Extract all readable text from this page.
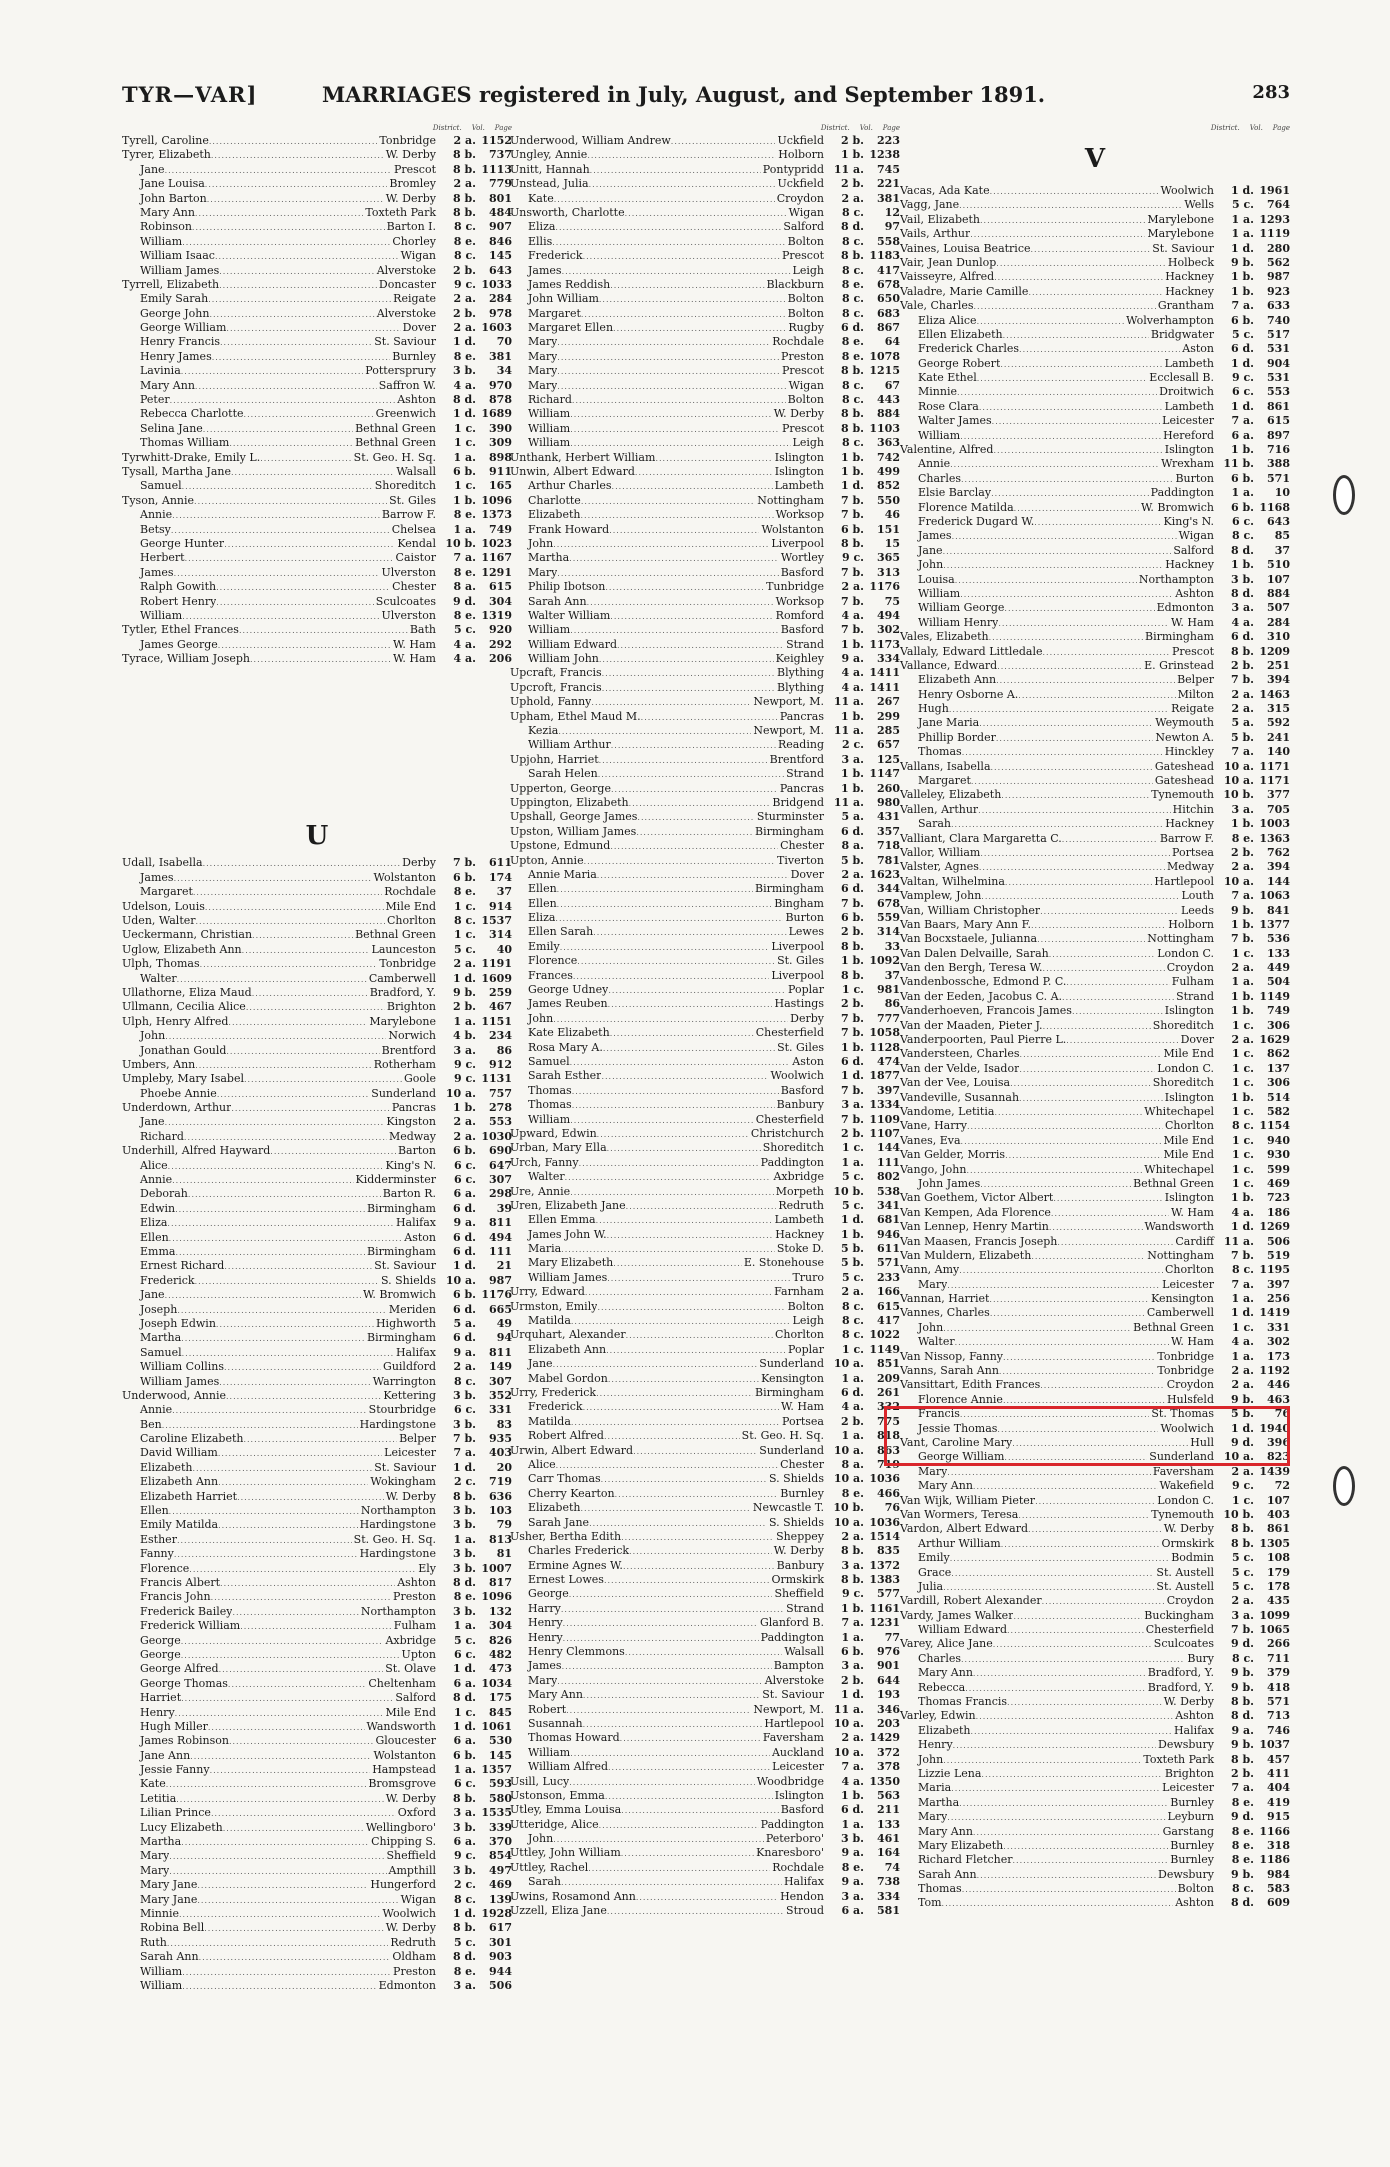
TYR—VAR]	MARRIAGES registered in July, August, and September 1891.	283
District. Vol. Page
Tyrell, Caroline .....	Tonbridge	2 a. 1152
Tyrer, Elizabeth .....	W. Derby	8 b.	737
Jane .....	Prescot	8 b. 1113
Jane Louisa .....	Bromley	2 a.	779
John Barton .....	W. Derby	8 b.	801
Mary Ann .....	Toxteth Park	8 b.	484
Robinson .....	Barton I.	8 c.	907
William .....	Chorley	8 e.	846
William Isaac .....	Wigan	8 c.	145
William James .....	Alverstoke	2 b.	643
Tyrrell, Elizabeth .....	Doncaster	9 c. 1033
Emily Sarah .....	Reigate	2 a.	284
George John .....	Alverstoke	2 b.	978
George William .....	Dover	2 a. 1603
Henry Francis .....	St. Saviour	1 d.	70
Henry James .....	Burnley	8 e.	381
Lavinia .....	Pottersprury	3 b.	34
Mary Ann .....	Saffron W.	4 a.	970
Peter .....	Ashton	8 d.	878
Rebecca Charlotte .....	Greenwich	1 d. 1689
Selina Jane .....	Bethnal Green	1 c.	390
Thomas William .....	Bethnal Green	1 c.	309
Tyrwhitt-Drake, Emily L. .....	St. Geo. H. Sq.	1 a.	898
Tysall, Martha Jane .....	Walsall	6 b.	911
Samuel .....	Shoreditch	1 c.	165
Tyson, Annie .....	St. Giles	1 b. 1096
Annie .....	Barrow F.	8 e. 1373
Betsy .....	Chelsea	1 a.	749
George Hunter .....	Kendal 10 b. 1023
Herbert .....	Caistor	7 a. 1167
James .....	Ulverston	8 e. 1291
Ralph Gowith .....	Chester	8 a.	615
Robert Henry .....	Sculcoates	9 d.	304
William .....	Ulverston	8 e. 1319
Tytler, Ethel Frances .....	Bath	5 c.	920
James George .....	W. Ham	4 a.	292
Tyrace, William Joseph .....	W. Ham	4 a.	206
U
Udall, Isabella .....	Derby	7 b.	611
James .....	Wolstanton	6 b.	174
Margaret .....	Rochdale	8 e.	37
Udelson, Louis .....	Mile End	1 c.	914
Uden, Walter .....	Chorlton	8 c. 1537
Ueckermann, Christian .....	Bethnal Green	1 c.	314
Uglow, Elizabeth Ann .....	Launceston	5 c.	40
Ulph, Thomas .....	Tonbridge	2 a. 1191
Walter .....	Camberwell	1 d. 1609
Ullathorne, Eliza Maud .....	Bradford, Y.	9 b.	259
Ullmann, Cecilia Alice .....	Brighton	2 b.	467
Ulph, Henry Alfred .....	Marylebone	1 a. 1151
John .....	Norwich	4 b.	234
Jonathan Gould .....	Brentford	3 a.	86
Umbers, Ann .....	Rotherham	9 c.	912
Umpleby, Mary Isabel .....	Goole	9 c. 1131
Phoebe Annie .....	Sunderland 10 a.	757
Underdown, Arthur .....	Pancras	1 b.	278
Jane .....	Kingston	2 a.	553
Richard .....	Medway	2 a. 1030
Underhill, Alfred Hayward .....	Barton	6 b.	690
Alice .....	King's N.	6 c.	647
Annie .....	Kidderminster	6 c.	307
Deborah .....	Barton R.	6 a.	298
Edwin .....	Birmingham	6 d.	39
Eliza .....	Halifax	9 a.	811
Ellen .....	Aston	6 d.	494
Emma .....	Birmingham	6 d.	111
Ernest Richard .....	St. Saviour	1 d.	21
Frederick .....	S. Shields 10 a.	987
Jane .....	W. Bromwich	6 b. 1176
Joseph .....	Meriden	6 d.	665
Joseph Edwin .....	Highworth	5 a.	49
Martha .....	Birmingham	6 d.	94
Samuel .....	Halifax	9 a.	811
William Collins .....	Guildford	2 a.	149
William James .....	Warrington	8 c.	307
Underwood, Annie .....	Kettering	3 b.	352
Annie .....	Stourbridge	6 c.	331
Ben .....	Hardingstone	3 b.	83
Caroline Elizabeth .....	Belper	7 b.	935
David William .....	Leicester	7 a.	403
Elizabeth .....	St. Saviour	1 d.	20
Elizabeth Ann .....	Wokingham	2 c.	719
Elizabeth Harriet .....	W. Derby	8 b.	636
Ellen .....	Northampton	3 b.	103
Emily Matilda .....	Hardingstone	3 b.	79
Esther .....	St. Geo. H. Sq.	1 a.	813
Fanny .....	Hardingstone	3 b.	81
Florence .....	Ely	3 b. 1007
Francis Albert .....	Ashton	8 d.	817
Francis John .....	Preston	8 e. 1096
Frederick Bailey .....	Northampton	3 b.	132
Frederick William .....	Fulham	1 a.	304
George .....	Axbridge	5 c.	826
George .....	Upton	6 c.	482
George Alfred .....	St. Olave	1 d.	473
George Thomas .....	Cheltenham	6 a. 1034
Harriet .....	Salford	8 d.	175
Henry .....	Mile End	1 c.	845
Hugh Miller .....	Wandsworth	1 d. 1061
James Robinson .....	Gloucester	6 a.	530
Jane Ann .....	Wolstanton	6 b.	145
Jessie Fanny .....	Hampstead	1 a. 1357
Kate .....	Bromsgrove	6 c.	593
Letitia .....	W. Derby	8 b.	580
Lilian Prince .....	Oxford	3 a. 1535
Lucy Elizabeth .....	Wellingboro'	3 b.	339
Martha .....	Chipping S.	6 a.	370
Mary .....	Sheffield	9 c.	854
Mary .....	Ampthill	3 b.	497
Mary Jane .....	Hungerford	2 c.	469
Mary Jane .....	Wigan	8 c.	139
Minnie .....	Woolwich	1 d. 1928
Robina Bell .....	W. Derby	8 b.	617
Ruth .....	Redruth	5 c.	301
Sarah Ann .....	Oldham	8 d.	903
William .....	Preston	8 e.	944
William .....	Edmonton	3 a.	506
District. Vol. Page
Underwood, William Andrew .....	Uckfield	2 b.	223
Ungley, Annie .....	Holborn	1 b. 1238
Unitt, Hannah .....	Pontypridd 11 a.	745
Unstead, Julia .....	Uckfield	2 b.	221
Kate .....	Croydon	2 a.	381
Unsworth, Charlotte .....	Wigan	8 c.	12
Eliza .....	Salford	8 d.	97
Ellis .....	Bolton	8 c.	558
Frederick .....	Prescot	8 b. 1183
James .....	Leigh	8 c.	417
James Reddish .....	Blackburn	8 e.	678
John William .....	Bolton	8 c.	650
Margaret .....	Bolton	8 c.	683
Margaret Ellen .....	Rugby	6 d.	867
Mary .....	Rochdale	8 e.	64
Mary .....	Preston	8 e. 1078
Mary .....	Prescot	8 b. 1215
Mary .....	Wigan	8 c.	67
Richard .....	Bolton	8 c.	443
William .....	W. Derby	8 b.	884
William .....	Prescot	8 b. 1103
William .....	Leigh	8 c.	363
Unthank, Herbert William .....	Islington	1 b.	742
Unwin, Albert Edward .....	Islington	1 b.	499
Arthur Charles .....	Lambeth	1 d.	852
Charlotte .....	Nottingham	7 b.	550
Elizabeth .....	Worksop	7 b.	46
Frank Howard .....	Wolstanton	6 b.	151
John .....	Liverpool	8 b.	15
Martha .....	Wortley	9 c.	365
Mary .....	Basford	7 b.	313
Philip Ibotson .....	Tunbridge	2 a. 1176
Sarah Ann .....	Worksop	7 b.	75
Walter William .....	Romford	4 a.	494
William .....	Basford	7 b.	302
William Edward .....	Strand	1 b. 1173
William John .....	Keighley	9 a.	334
Upcraft, Francis .....	Blything	4 a. 1411
Upcroft, Francis .....	Blything	4 a. 1411
Uphold, Fanny .....	Newport, M. 11 a.	267
Upham, Ethel Maud M. .....	Pancras	1 b.	299
Kezia .....	Newport, M. 11 a.	285
William Arthur .....	Reading	2 c.	657
Upjohn, Harriet .....	Brentford	3 a.	125
Sarah Helen .....	Strand	1 b. 1147
Upperton, George .....	Pancras	1 b.	260
Uppington, Elizabeth .....	Bridgend 11 a.	980
Upshall, George James .....	Sturminster	5 a.	431
Upston, William James .....	Birmingham	6 d.	357
Upstone, Edmund .....	Chester	8 a.	718
Upton, Annie .....	Tiverton	5 b.	781
Annie Maria .....	Dover	2 a. 1623
Ellen .....	Birmingham	6 d.	344
Ellen .....	Bingham	7 b.	678
Eliza .....	Burton	6 b.	559
Ellen Sarah .....	Lewes	2 b.	314
Emily .....	Liverpool	8 b.	33
Florence .....	St. Giles	1 b. 1092
Frances .....	Liverpool	8 b.	37
George Udney .....	Poplar	1 c.	981
James Reuben .....	Hastings	2 b.	86
John .....	Derby	7 b.	777
Kate Elizabeth .....	Chesterfield	7 b. 1058
Rosa Mary A. .....	St. Giles	1 b. 1128
Samuel .....	Aston	6 d.	474
Sarah Esther .....	Woolwich	1 d. 1877
Thomas .....	Basford	7 b.	397
Thomas .....	Banbury	3 a. 1334
William .....	Chesterfield	7 b. 1109
Upward, Edwin .....	Christchurch	2 b. 1107
Urban, Mary Ella .....	Shoreditch	1 c.	144
Urch, Fanny .....	Paddington	1 a.	111
Walter .....	Axbridge	5 c.	802
Ure, Annie .....	Morpeth 10 b.	538
Uren, Elizabeth Jane .....	Redruth	5 c.	341
Ellen Emma .....	Lambeth	1 d.	681
James John W. .....	Hackney	1 b.	946
Maria .....	Stoke D.	5 b.	611
Mary Elizabeth .....	E. Stonehouse	5 b.	571
William James .....	Truro	5 c.	233
Urry, Edward .....	Farnham	2 a.	166
Urmston, Emily .....	Bolton	8 c.	615
Matilda .....	Leigh	8 c.	417
Urquhart, Alexander .....	Chorlton	8 c. 1022
Elizabeth Ann .....	Poplar	1 c. 1149
Jane .....	Sunderland 10 a.	851
Mabel Gordon .....	Kensington	1 a.	209
Urry, Frederick .....	Birmingham	6 d.	261
Frederick .....	W. Ham	4 a.	332
Matilda .....	Portsea	2 b.	775
Robert Alfred .....	St. Geo. H. Sq.	1 a.	818
Urwin, Albert Edward .....	Sunderland 10 a.	863
Alice .....	Chester	8 a.	719
Carr Thomas .....	S. Shields 10 a. 1036
Cherry Kearton .....	Burnley	8 e.	466
Elizabeth .....	Newcastle T. 10 b.	76
Sarah Jane .....	S. Shields 10 a. 1036
Usher, Bertha Edith .....	Sheppey	2 a. 1514
Charles Frederick .....	W. Derby	8 b.	835
Ermine Agnes W. .....	Banbury	3 a. 1372
Ernest Lowes .....	Ormskirk	8 b. 1383
George .....	Sheffield	9 c.	577
Harry .....	Strand	1 b. 1161
Henry .....	Glanford B.	7 a. 1231
Henry .....	Paddington	1 a.	77
Henry Clemmons .....	Walsall	6 b.	976
James .....	Bampton	3 a.	901
Mary .....	Alverstoke	2 b.	644
Mary Ann .....	St. Saviour	1 d.	193
Robert .....	Newport, M. 11 a.	346
Susannah .....	Hartlepool 10 a.	203
Thomas Howard .....	Faversham	2 a. 1429
William .....	Auckland 10 a.	372
William Alfred .....	Leicester	7 a.	378
Usill, Lucy .....	Woodbridge	4 a. 1350
Ustonson, Emma .....	Islington	1 b.	563
Utley, Emma Louisa .....	Basford	6 d.	211
Utteridge, Alice .....	Paddington	1 a.	133
John .....	Peterboro'	3 b.	461
Uttley, John William .....	Knaresboro'	9 a.	164
Uttley, Rachel .....	Rochdale	8 e.	74
Sarah .....	Halifax	9 a.	738
Uwins, Rosamond Ann .....	Hendon	3 a.	334
Uzzell, Eliza Jane .....	Stroud	6 a.	581
District. Vol. Page
V
Vacas, Ada Kate .....	Woolwich	1 d. 1961
Vagg, Jane .....	Wells	5 c.	764
Vail, Elizabeth .....	Marylebone	1 a. 1293
Vails, Arthur .....	Marylebone	1 a. 1119
Vaines, Louisa Beatrice .....	St. Saviour	1 d.	280
Vair, Jean Dunlop .....	Holbeck	9 b.	562
Vaisseyre, Alfred .....	Hackney	1 b.	987
Valadre, Marie Camille .....	Hackney	1 b.	923
Vale, Charles .....	Grantham	7 a.	633
Eliza Alice .....	Wolverhampton	6 b.	740
Ellen Elizabeth .....	Bridgwater	5 c.	517
Frederick Charles .....	Aston	6 d.	531
George Robert .....	Lambeth	1 d.	904
Kate Ethel .....	Ecclesall B.	9 c.	531
Minnie .....	Droitwich	6 c.	553
Rose Clara .....	Lambeth	1 d.	861
Walter James .....	Leicester	7 a.	615
William .....	Hereford	6 a.	897
Valentine, Alfred .....	Islington	1 b.	716
Annie .....	Wrexham 11 b.	388
Charles .....	Burton	6 b.	571
Elsie Barclay .....	Paddington	1 a.	10
Florence Matilda .....	W. Bromwich	6 b. 1168
Frederick Dugard W. .....	King's N.	6 c.	643
James .....	Wigan	8 c.	85
Jane .....	Salford	8 d.	37
John .....	Hackney	1 b.	510
Louisa .....	Northampton	3 b.	107
William .....	Ashton	8 d.	884
William George .....	Edmonton	3 a.	507
William Henry .....	W. Ham	4 a.	284
Vales, Elizabeth .....	Birmingham	6 d.	310
Vallaly, Edward Littledale .....	Prescot	8 b. 1209
Vallance, Edward .....	E. Grinstead	2 b.	251
Elizabeth Ann .....	Belper	7 b.	394
Henry Osborne A. .....	Milton	2 a. 1463
Hugh .....	Reigate	2 a.	315
Jane Maria .....	Weymouth	5 a.	592
Phillip Border .....	Newton A.	5 b.	241
Thomas .....	Hinckley	7 a.	140
Vallans, Isabella .....	Gateshead 10 a. 1171
Margaret .....	Gateshead 10 a. 1171
Valleley, Elizabeth .....	Tynemouth 10 b.	377
Vallen, Arthur .....	Hitchin	3 a.	705
Sarah .....	Hackney	1 b. 1003
Valliant, Clara Margaretta C. .....	Barrow F.	8 e. 1363
Vallor, William .....	Portsea	2 b.	762
Valster, Agnes .....	Medway	2 a.	394
Valtan, Wilhelmina .....	Hartlepool 10 a.	144
Vamplew, John .....	Louth	7 a. 1063
Van, William Christopher .....	Leeds	9 b.	841
Van Baars, Mary Ann F. .....	Holborn	1 b. 1377
Van Bocxstaele, Julianna .....	Nottingham	7 b.	536
Van Dalen Delvaille, Sarah .....	London C.	1 c.	133
Van den Bergh, Teresa W. .....	Croydon	2 a.	449
Vandenbossche, Edmond P. C. .....	Fulham	1 a.	504
Van der Eeden, Jacobus C. A. .....	Strand	1 b. 1149
Vanderhoeven, Francois James .....	Islington	1 b.	749
Van der Maaden, Pieter J. .....	Shoreditch	1 c.	306
Vanderpoorten, Paul Pierre L. .....	Dover	2 a. 1629
Vandersteen, Charles .....	Mile End	1 c.	862
Van der Velde, Isador .....	London C.	1 c.	137
Van der Vee, Louisa .....	Shoreditch	1 c.	306
Vandeville, Susannah .....	Islington	1 b.	514
Vandome, Letitia .....	Whitechapel	1 c.	582
Vane, Harry .....	Chorlton	8 c. 1154
Vanes, Eva .....	Mile End	1 c.	940
Van Gelder, Morris .....	Mile End	1 c.	930
Vango, John .....	Whitechapel	1 c.	599
John James .....	Bethnal Green	1 c.	469
Van Goethem, Victor Albert .....	Islington	1 b.	723
Van Kempen, Ada Florence .....	W. Ham	4 a.	186
Van Lennep, Henry Martin .....	Wandsworth	1 d. 1269
Van Maasen, Francis Joseph .....	Cardiff 11 a.	506
Van Muldern, Elizabeth .....	Nottingham	7 b.	519
Vann, Amy .....	Chorlton	8 c. 1195
Mary .....	Leicester	7 a.	397
Vannan, Harriet .....	Kensington	1 a.	256
Vannes, Charles .....	Camberwell	1 d. 1419
John .....	Bethnal Green	1 c.	331
Walter .....	W. Ham	4 a.	302
Van Nissop, Fanny .....	Tonbridge	1 a.	173
Vanns, Sarah Ann .....	Tonbridge	2 a. 1192
Vansittart, Edith Frances .....	Croydon	2 a.	446
Florence Annie .....	Hulsfeld	9 b.	463
Francis .....	St. Thomas	5 b.	76
Jessie Thomas .....	Woolwich	1 d. 1940
Vant, Caroline Mary .....	Hull	9 d.	396
George William .....	Sunderland 10 a.	823
Mary .....	Faversham	2 a. 1439
Mary Ann .....	Wakefield	9 c.	72
Van Wijk, William Pieter .....	London C.	1 c.	107
Van Wormers, Teresa .....	Tynemouth 10 b.	403
Vardon, Albert Edward .....	W. Derby	8 b.	861
Arthur William .....	Ormskirk	8 b. 1305
Emily .....	Bodmin	5 c.	108
Grace .....	St. Austell	5 c.	179
Julia .....	St. Austell	5 c.	178
Vardill, Robert Alexander .....	Croydon	2 a.	435
Vardy, James Walker .....	Buckingham	3 a. 1099
William Edward .....	Chesterfield	7 b. 1065
Varey, Alice Jane .....	Sculcoates	9 d.	266
Charles .....	Bury	8 c.	711
Mary Ann .....	Bradford, Y.	9 b.	379
Rebecca .....	Bradford, Y.	9 b.	418
Thomas Francis .....	W. Derby	8 b.	571
Varley, Edwin .....	Ashton	8 d.	713
Elizabeth .....	Halifax	9 a.	746
Henry .....	Dewsbury	9 b. 1037
John .....	Toxteth Park	8 b.	457
Lizzie Lena .....	Brighton	2 b.	411
Maria .....	Leicester	7 a.	404
Martha .....	Burnley	8 e.	419
Mary .....	Leyburn	9 d.	915
Mary Ann .....	Garstang	8 e. 1166
Mary Elizabeth .....	Burnley	8 e.	318
Richard Fletcher .....	Burnley	8 e. 1186
Sarah Ann .....	Dewsbury	9 b.	984
Thomas .....	Bolton	8 c.	583
Tom .....	Ashton	8 d.	609
